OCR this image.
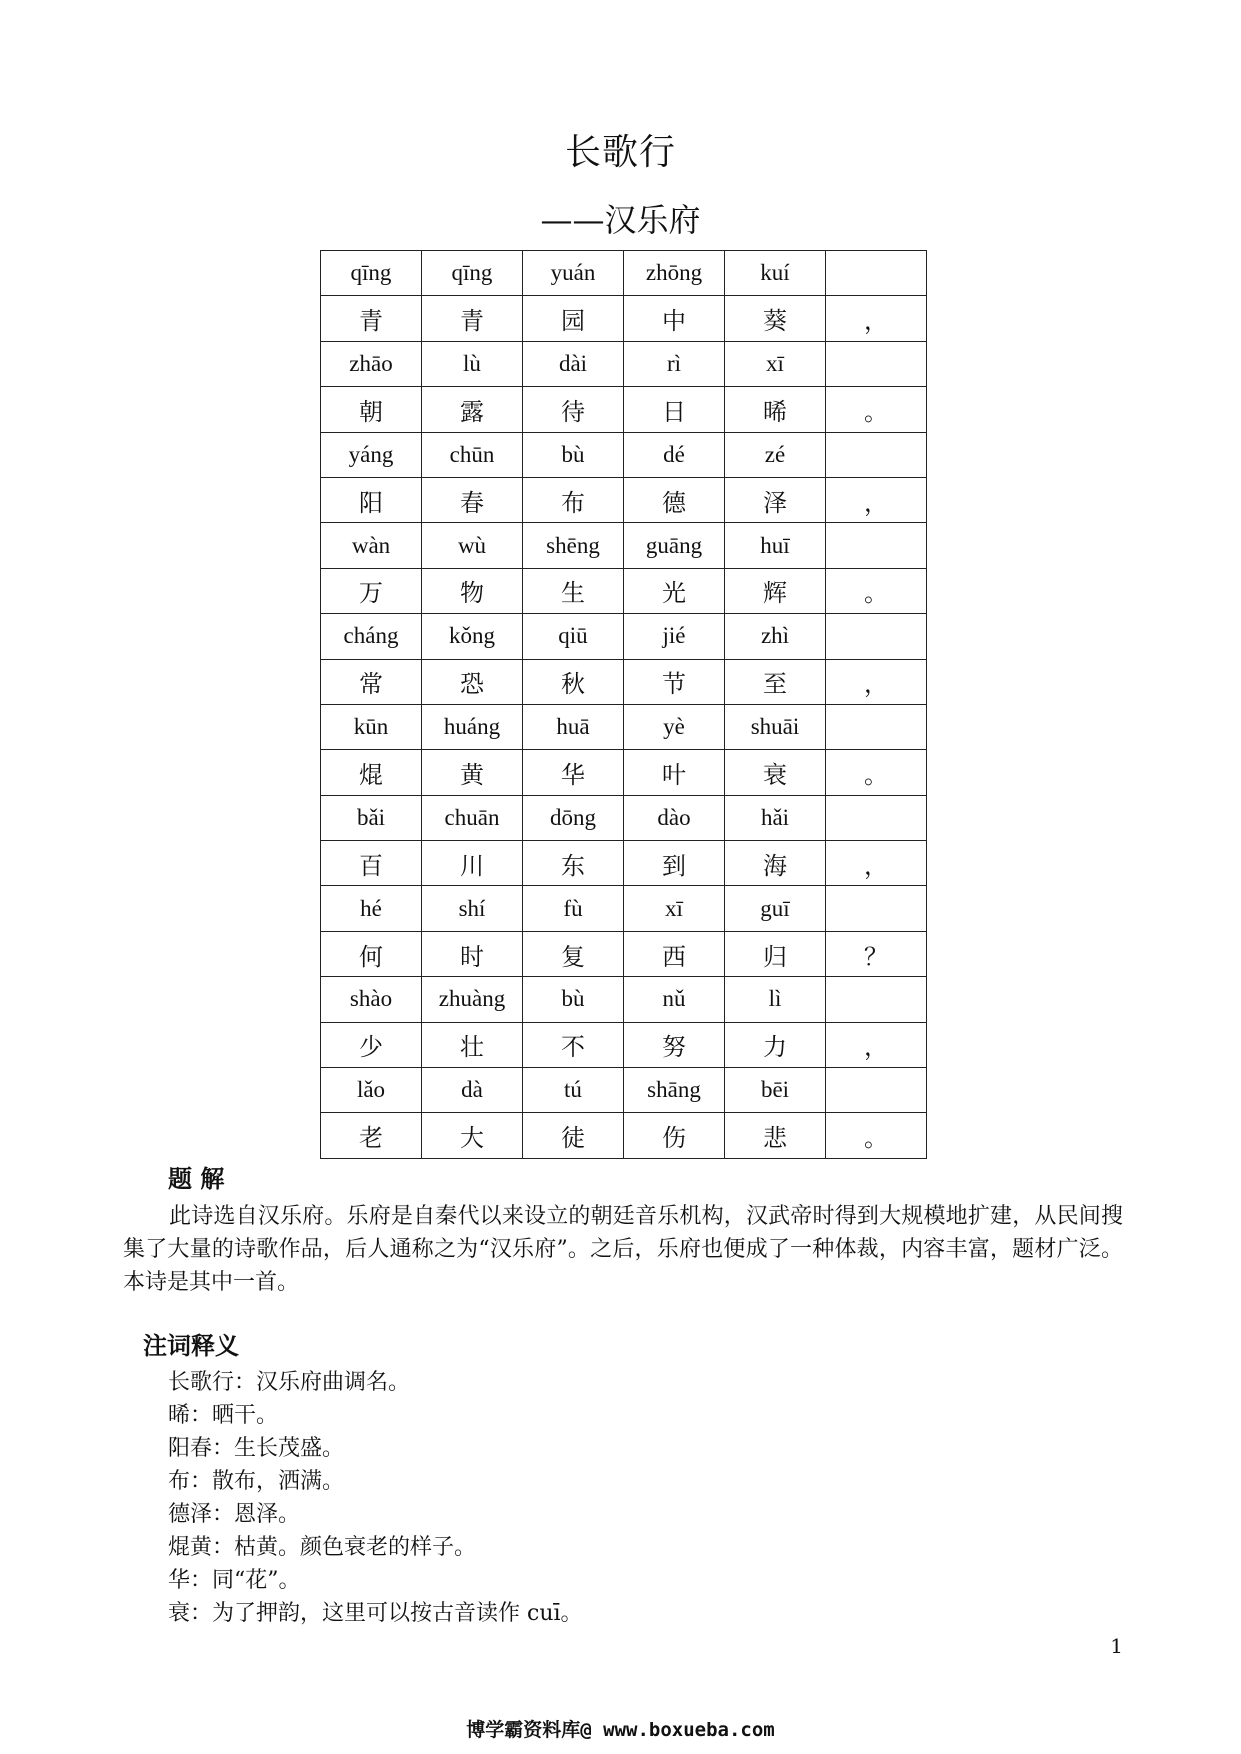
长歌行
——汉乐府
qīng	qīng	yuán	zhōng	kuí	
青	青	园	中	葵	，
zhāo	lù	dài	rì	xī	
朝	露	待	日	晞	。
yáng	chūn	bù	dé	zé	
阳	春	布	德	泽	，
wàn	wù	shēng	guāng	huī	
万	物	生	光	辉	。
cháng	kǒng	qiū	jié	zhì	
常	恐	秋	节	至	，
kūn	huáng	huā	yè	shuāi	
焜	黄	华	叶	衰	。
bǎi	chuān	dōng	dào	hǎi	
百	川	东	到	海	，
hé	shí	fù	xī	guī	
何	时	复	西	归	？
shào	zhuàng	bù	nǔ	lì	
少	壮	不	努	力	，
lǎo	dà	tú	shāng	bēi	
老	大	徒	伤	悲	。
题 解
此诗选自汉乐府。乐府是自秦代以来设立的朝廷音乐机构，汉武帝时得到大规模地扩建，从民间搜集了大量的诗歌作品，后人通称之为“汉乐府”。之后，乐府也便成了一种体裁，内容丰富，题材广泛。本诗是其中一首。
注词释义
长歌行：汉乐府曲调名。
晞：晒干。
阳春：生长茂盛。
布：散布，洒满。
德泽：恩泽。
焜黄：枯黄。颜色衰老的样子。
华：同“花”。
衰：为了押韵，这里可以按古音读作 cuī。
1
博学霸资料库@ www.boxueba.com
